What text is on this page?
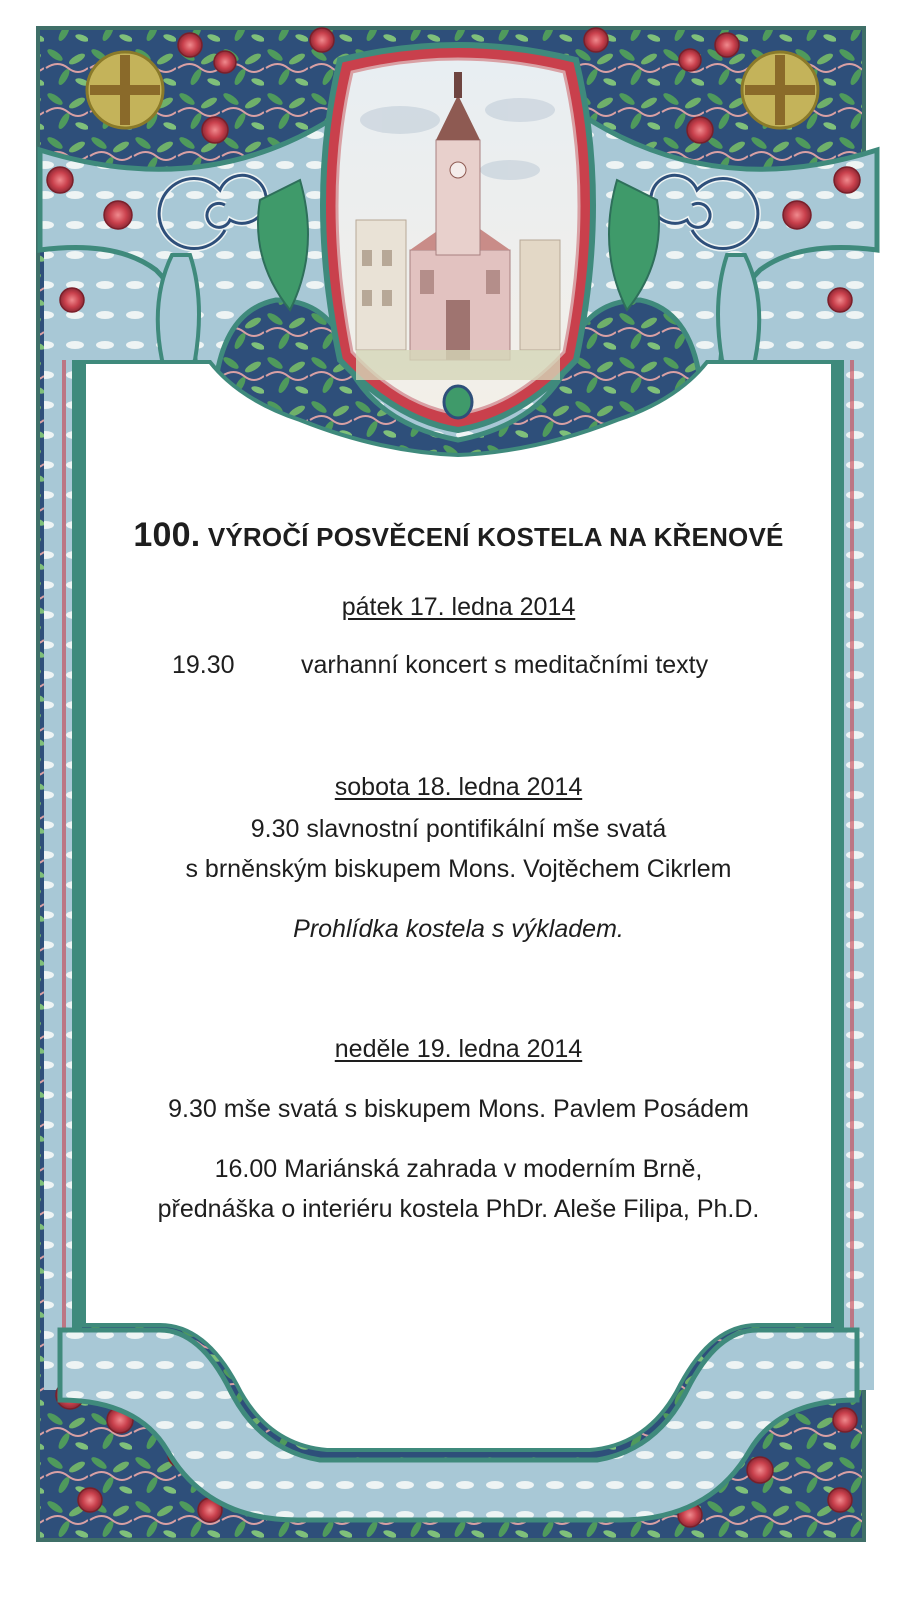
100. VÝROČÍ POSVĚCENÍ KOSTELA NA KŘENOVÉ
pátek 17. ledna 2014
19.30	varhanní koncert s meditačními texty
sobota 18. ledna 2014
9.30 slavnostní pontifikální mše svatá
s brněnským biskupem Mons. Vojtěchem Cikrlem
Prohlídka kostela s výkladem.
neděle 19. ledna 2014
9.30 mše svatá s biskupem Mons. Pavlem Posádem
16.00 Mariánská zahrada v moderním Brně,
přednáška o interiéru kostela PhDr. Aleše Filipa, Ph.D.
